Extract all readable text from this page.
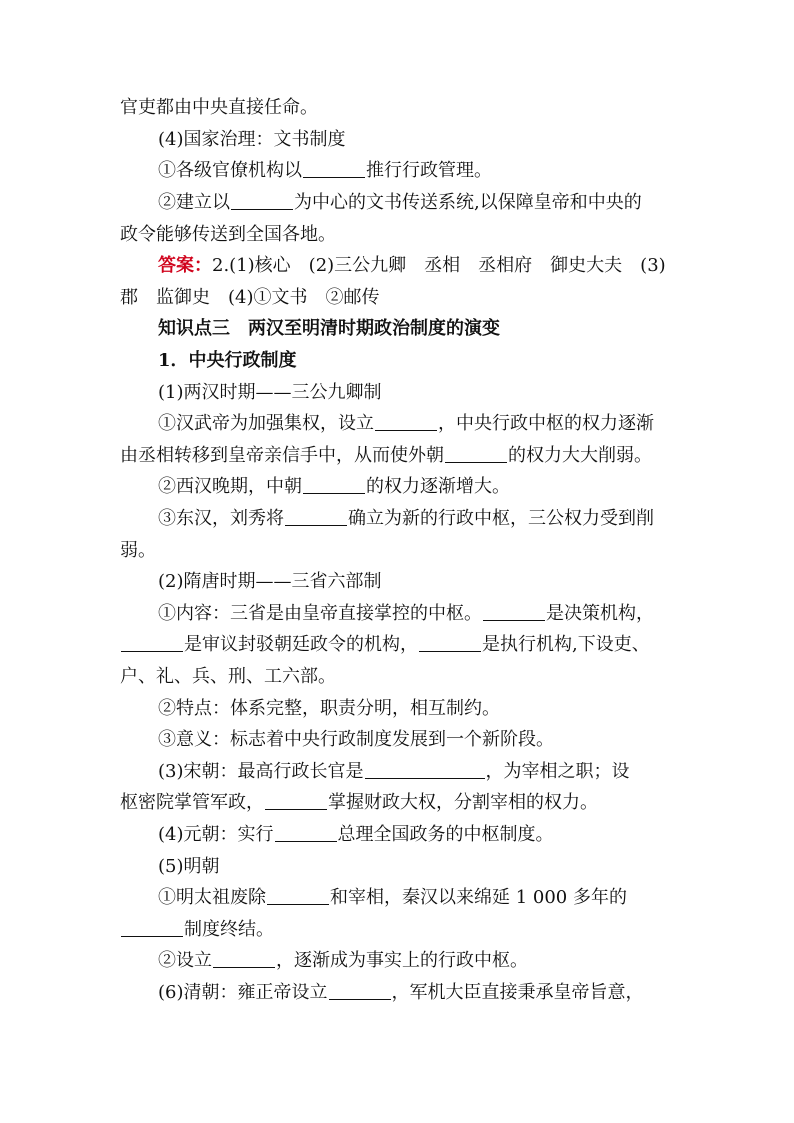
官吏都由中央直接任命。
(4)国家治理：文书制度
①各级官僚机构以	推行行政管理。
②建立以	为中心的文书传送系统,以保障皇帝和中央的
政令能够传送到全国各地。
答案：2.(1)核心　(2)三公九卿　丞相　丞相府　御史大夫　(3)
郡　监御史　(4)①文书　②邮传
知识点三　两汉至明清时期政治制度的演变
1．中央行政制度
(1)两汉时期——三公九卿制
①汉武帝为加强集权，设立	，中央行政中枢的权力逐渐
由丞相转移到皇帝亲信手中，从而使外朝	的权力大大削弱。
②西汉晚期，中朝	的权力逐渐增大。
③东汉，刘秀将	确立为新的行政中枢，三公权力受到削
弱。
(2)隋唐时期——三省六部制
①内容：三省是由皇帝直接掌控的中枢。	是决策机构，
是审议封驳朝廷政令的机构，	是执行机构,下设吏、
户、礼、兵、刑、工六部。
②特点：体系完整，职责分明，相互制约。
③意义：标志着中央行政制度发展到一个新阶段。
(3)宋朝：最高行政长官是	，为宰相之职；设
枢密院掌管军政，	掌握财政大权，分割宰相的权力。
(4)元朝：实行	总理全国政务的中枢制度。
(5)明朝
①明太祖废除	和宰相，秦汉以来绵延 1 000 多年的
制度终结。
②设立	，逐渐成为事实上的行政中枢。
(6)清朝：雍正帝设立	，军机大臣直接秉承皇帝旨意，
